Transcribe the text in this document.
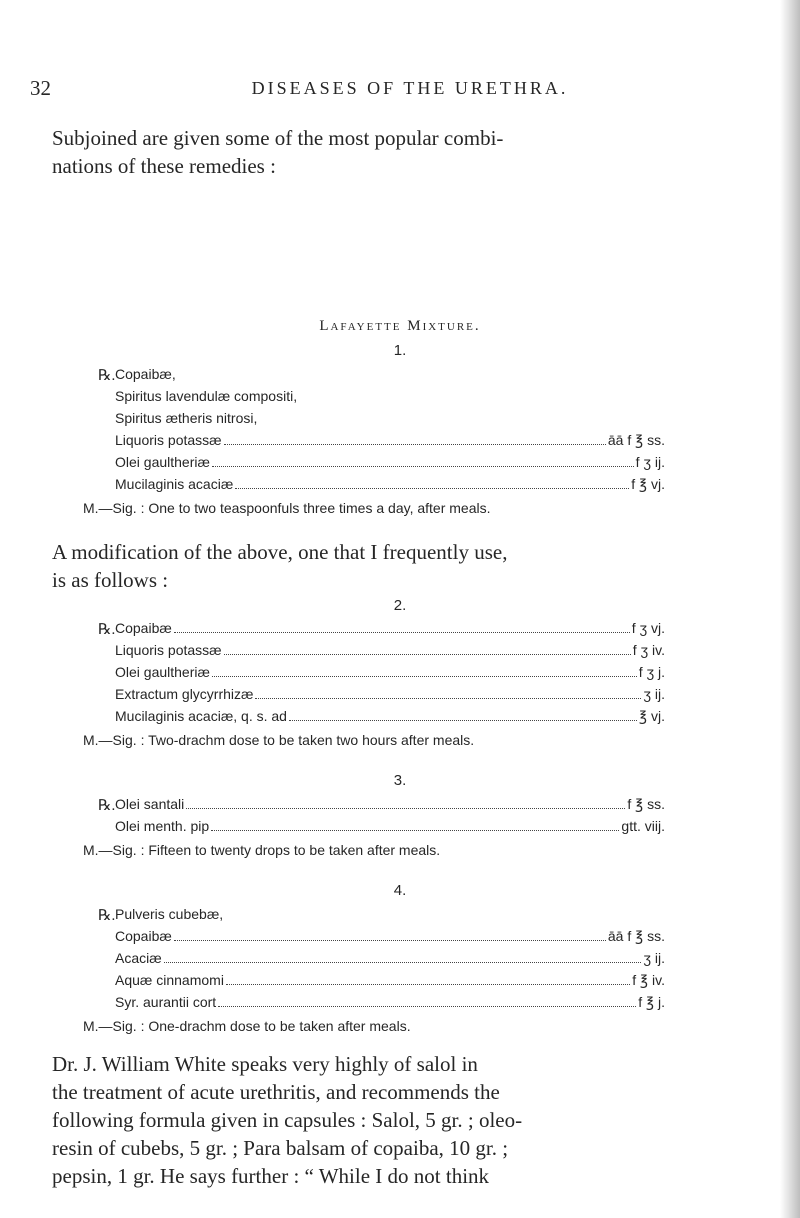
32	DISEASES OF THE URETHRA.
Subjoined are given some of the most popular combi-
nations of these remedies :
Lafayette Mixture.
1.
℞. Copaibæ,
Spiritus lavendulæ compositi,
Spiritus ætheris nitrosi,
Liquoris potassæ	āā f ℥ ss.
Olei gaultheriæ	f ʒ ij.
Mucilaginis acaciæ	f ℥ vj.
M.—Sig. : One to two teaspoonfuls three times a day, after meals.
A modification of the above, one that I frequently use,
is as follows :
2.
℞. Copaibæ	f ʒ vj.
Liquoris potassæ	f ʒ iv.
Olei gaultheriæ	f ʒ j.
Extractum glycyrrhizæ	ʒ ij.
Mucilaginis acaciæ, q. s. ad	℥ vj.
M.—Sig. : Two-drachm dose to be taken two hours after meals.
3.
℞. Olei santali	f ℥ ss.
Olei menth. pip	gtt. viij.
M.—Sig. : Fifteen to twenty drops to be taken after meals.
4.
℞. Pulveris cubebæ,
Copaibæ	āā f ℥ ss.
Acaciæ	ʒ ij.
Aquæ cinnamomi	f ℥ iv.
Syr. aurantii cort	f ℥ j.
M.—Sig. : One-drachm dose to be taken after meals.
Dr. J. William White speaks very highly of salol in
the treatment of acute urethritis, and recommends the
following formula given in capsules : Salol, 5 gr. ; oleo-
resin of cubebs, 5 gr. ; Para balsam of copaiba, 10 gr. ;
pepsin, 1 gr. He says further : “ While I do not think
